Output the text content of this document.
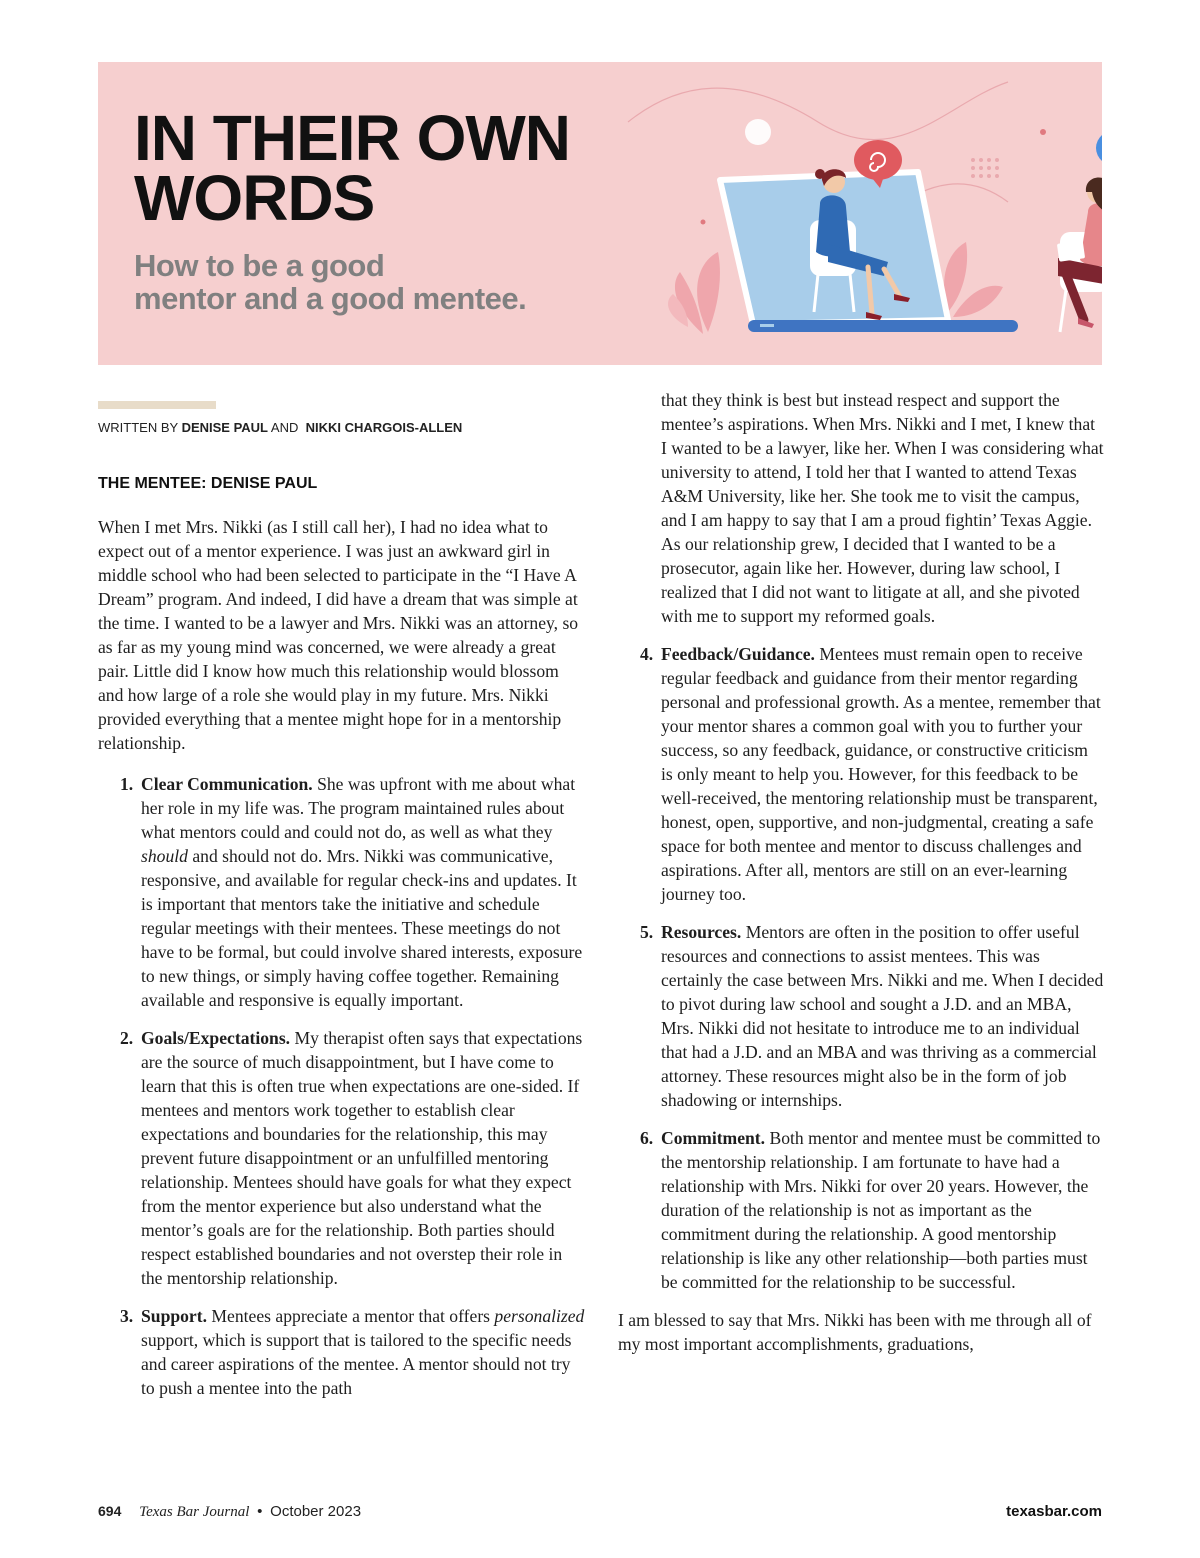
IN THEIR OWN
WORDS
How to be a good
mentor and a good mentee.
WRITTEN BY DENISE PAUL AND NIKKI CHARGOIS-ALLEN
THE MENTEE: DENISE PAUL

When I met Mrs. Nikki (as I still call her), I had no idea what to expect out of a mentor experience. I was just an awkward girl in middle school who had been selected to participate in the “I Have A Dream” program. And indeed, I did have a dream that was simple at the time. I wanted to be a lawyer and Mrs. Nikki was an attorney, so as far as my young mind was concerned, we were already a great pair. Little did I know how much this relationship would blossom and how large of a role she would play in my future. Mrs. Nikki provided everything that a mentee might hope for in a mentorship relationship.

1. Clear Communication. She was upfront with me about what her role in my life was. The program maintained rules about what mentors could and could not do, as well as what they should and should not do. Mrs. Nikki was communicative, responsive, and available for regular check-ins and updates. It is important that mentors take the initiative and schedule regular meetings with their mentees. These meetings do not have to be formal, but could involve shared interests, exposure to new things, or simply having coffee together. Remaining available and responsive is equally important.
2. Goals/Expectations. My therapist often says that expectations are the source of much disappointment, but I have come to learn that this is often true when expectations are one-sided. If mentees and mentors work together to establish clear expectations and boundaries for the relationship, this may prevent future disappointment or an unfulfilled mentoring relationship. Mentees should have goals for what they expect from the mentor experience but also understand what the mentor’s goals are for the relationship. Both parties should respect established boundaries and not overstep their role in the mentorship relationship.
3. Support. Mentees appreciate a mentor that offers personalized support, which is support that is tailored to the specific needs and career aspirations of the mentee. A mentor should not try to push a mentee into the path
that they think is best but instead respect and support the mentee’s aspirations. When Mrs. Nikki and I met, I knew that I wanted to be a lawyer, like her. When I was considering what university to attend, I told her that I wanted to attend Texas A&M University, like her. She took me to visit the campus, and I am happy to say that I am a proud fightin’ Texas Aggie. As our relationship grew, I decided that I wanted to be a prosecutor, again like her. However, during law school, I realized that I did not want to litigate at all, and she pivoted with me to support my reformed goals.
4. Feedback/Guidance. Mentees must remain open to receive regular feedback and guidance from their mentor regarding personal and professional growth. As a mentee, remember that your mentor shares a common goal with you to further your success, so any feedback, guidance, or constructive criticism is only meant to help you. However, for this feedback to be well-received, the mentoring relationship must be transparent, honest, open, supportive, and non-judgmental, creating a safe space for both mentee and mentor to discuss challenges and aspirations. After all, mentors are still on an ever-learning journey too.
5. Resources. Mentors are often in the position to offer useful resources and connections to assist mentees. This was certainly the case between Mrs. Nikki and me. When I decided to pivot during law school and sought a J.D. and an MBA, Mrs. Nikki did not hesitate to introduce me to an individual that had a J.D. and an MBA and was thriving as a commercial attorney. These resources might also be in the form of job shadowing or internships.
6. Commitment. Both mentor and mentee must be committed to the mentorship relationship. I am fortunate to have had a relationship with Mrs. Nikki for over 20 years. However, the duration of the relationship is not as important as the commitment during the relationship. A good mentorship relationship is like any other relationship—both parties must be committed for the relationship to be successful.

I am blessed to say that Mrs. Nikki has been with me through all of my most important accomplishments, graduations,

694 Texas Bar Journal • October 2023	texasbar.com
